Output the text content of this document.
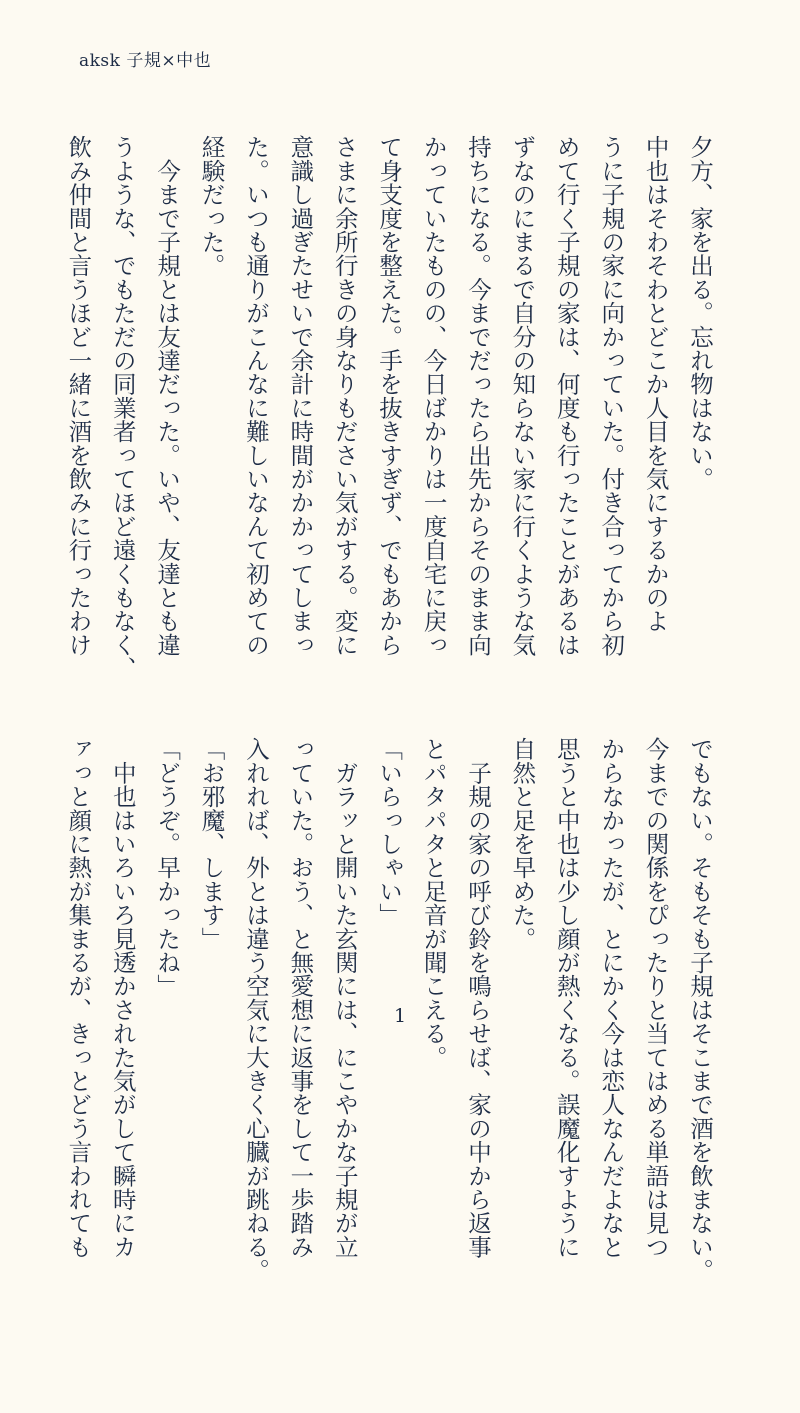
aksk 子規×中也
夕方、家を出る。忘れ物はない。
中也はそわそわとどこか人目を気にするかのよ
うに子規の家に向かっていた。付き合ってから初
めて行く子規の家は、何度も行ったことがあるは
ずなのにまるで自分の知らない家に行くような気
持ちになる。今までだったら出先からそのまま向
かっていたものの、今日ばかりは一度自宅に戻っ
て身支度を整えた。手を抜きすぎず、でもあから
さまに余所行きの身なりもださい気がする。変に
意識し過ぎたせいで余計に時間がかかってしまっ
た。いつも通りがこんなに難しいなんて初めての
経験だった。
　今まで子規とは友達だった。いや、友達とも違
うような、でもただの同業者ってほど遠くもなく、
飲み仲間と言うほど一緒に酒を飲みに行ったわけ
でもない。そもそも子規はそこまで酒を飲まない。
今までの関係をぴったりと当てはめる単語は見つ
からなかったが、とにかく今は恋人なんだよなと
思うと中也は少し顔が熱くなる。誤魔化すように
自然と足を早めた。
　子規の家の呼び鈴を鳴らせば、家の中から返事
とパタパタと足音が聞こえる。
「いらっしゃい」
　ガラッと開いた玄関には、にこやかな子規が立
っていた。おう、と無愛想に返事をして一歩踏み
入れれば、外とは違う空気に大きく心臓が跳ねる。
「お邪魔、します」
「どうぞ。早かったね」
　中也はいろいろ見透かされた気がして瞬時にカ
ァっと顔に熱が集まるが、きっとどう言われても	1
